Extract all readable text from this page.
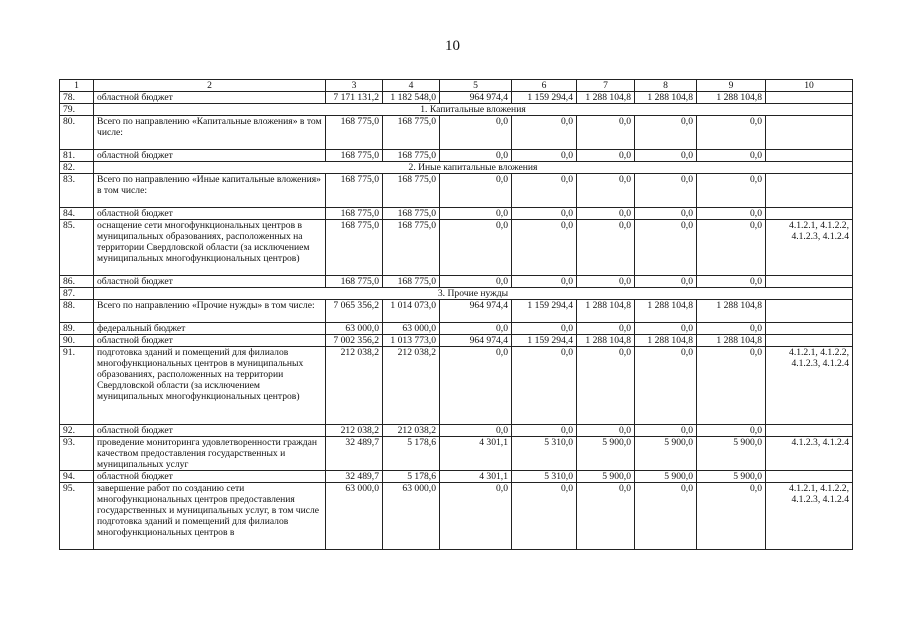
10
1	2	3	4	5	6	7	8	9	10
78.	областной бюджет	7 171 131,2	1 182 548,0	964 974,4	1 159 294,4	1 288 104,8	1 288 104,8	1 288 104,8	
79.	1. Капитальные вложения								
80.	Всего по направлению «Капитальные вложения» в том числе:	168 775,0	168 775,0	0,0	0,0	0,0	0,0	0,0	
81.	областной бюджет	168 775,0	168 775,0	0,0	0,0	0,0	0,0	0,0	
82.	2. Иные капитальные вложения								
83.	Всего по направлению «Иные капитальные вложения» в том числе:	168 775,0	168 775,0	0,0	0,0	0,0	0,0	0,0	
84.	областной бюджет	168 775,0	168 775,0	0,0	0,0	0,0	0,0	0,0	
85.	оснащение сети многофункциональных центров в муниципальных образованиях, расположенных на территории Свердловской области (за исключением муниципальных многофункциональных центров)	168 775,0	168 775,0	0,0	0,0	0,0	0,0	0,0	4.1.2.1, 4.1.2.2, 4.1.2.3, 4.1.2.4
86.	областной бюджет	168 775,0	168 775,0	0,0	0,0	0,0	0,0	0,0	
87.	3. Прочие нужды								
88.	Всего по направлению «Прочие нужды» в том числе:	7 065 356,2	1 014 073,0	964 974,4	1 159 294,4	1 288 104,8	1 288 104,8	1 288 104,8	
89.	федеральный бюджет	63 000,0	63 000,0	0,0	0,0	0,0	0,0	0,0	
90.	областной бюджет	7 002 356,2	1 013 773,0	964 974,4	1 159 294,4	1 288 104,8	1 288 104,8	1 288 104,8	
91.	подготовка зданий и помещений для филиалов многофункциональных центров в муниципальных образованиях, расположенных на территории Свердловской области (за исключением муниципальных многофункциональных центров)	212 038,2	212 038,2	0,0	0,0	0,0	0,0	0,0	4.1.2.1, 4.1.2.2, 4.1.2.3, 4.1.2.4
92.	областной бюджет	212 038,2	212 038,2	0,0	0,0	0,0	0,0	0,0	
93.	проведение мониторинга удовлетворенности граждан качеством предоставления государственных и муниципальных услуг	32 489,7	5 178,6	4 301,1	5 310,0	5 900,0	5 900,0	5 900,0	4.1.2.3, 4.1.2.4
94.	областной бюджет	32 489,7	5 178,6	4 301,1	5 310,0	5 900,0	5 900,0	5 900,0	
95.	завершение работ по созданию сети многофункциональных центров предоставления государственных и муниципальных услуг, в том числе подготовка зданий и помещений для филиалов многофункциональных центров в	63 000,0	63 000,0	0,0	0,0	0,0	0,0	0,0	4.1.2.1, 4.1.2.2, 4.1.2.3, 4.1.2.4
